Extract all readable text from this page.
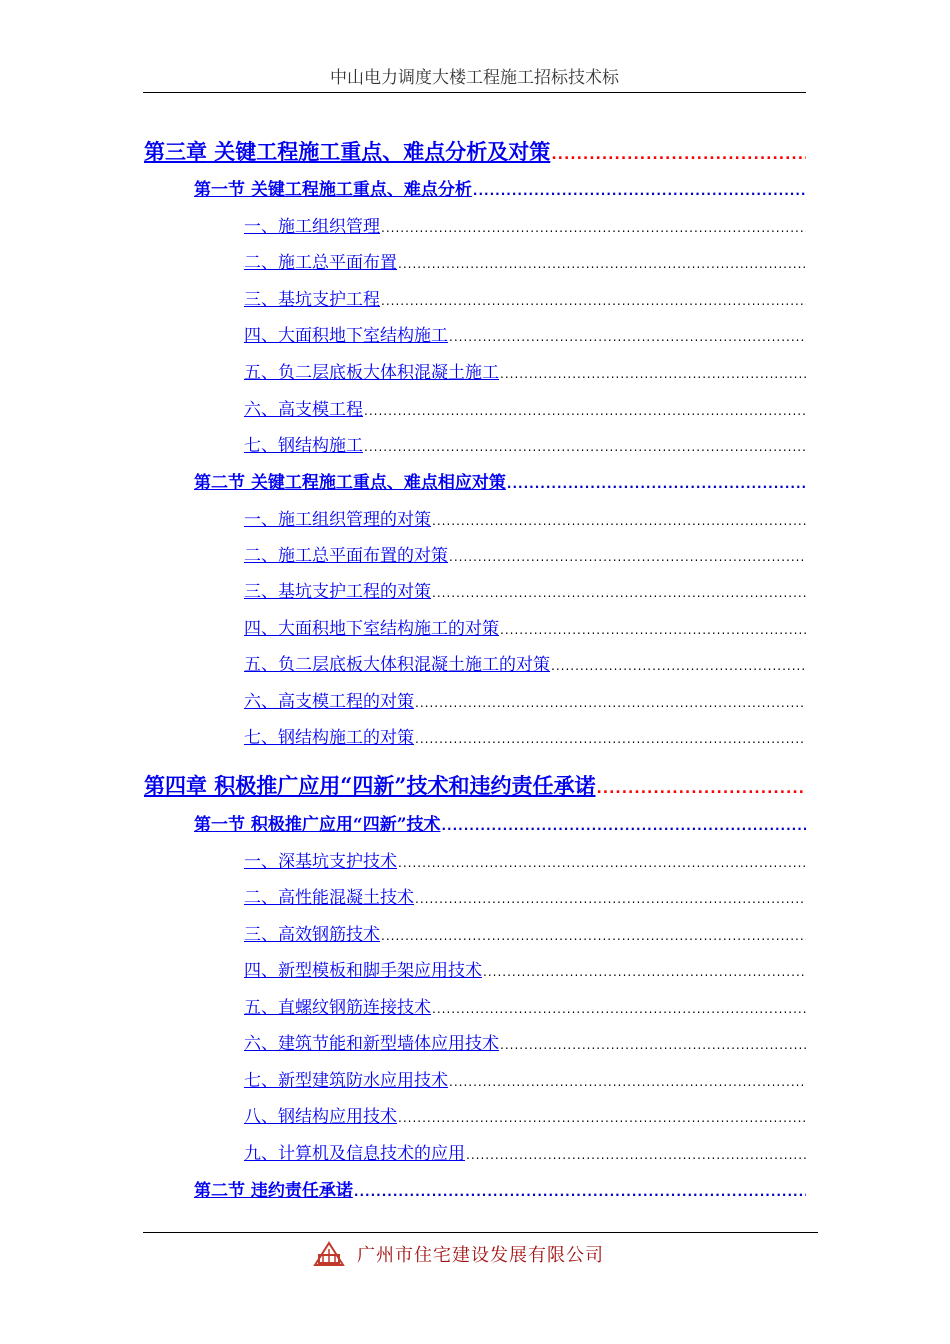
中山电力调度大楼工程施工招标技术标
第三章 关键工程施工重点、难点分析及对策
.....
第一节 关键工程施工重点、难点分析
.....
一、施工组织管理
.....
二、施工总平面布置
.....
三、基坑支护工程
.....
四、大面积地下室结构施工
.....
五、负二层底板大体积混凝土施工
.....
六、高支模工程
.....
七、钢结构施工
.....
第二节 关键工程施工重点、难点相应对策
.....
一、施工组织管理的对策
.....
二、施工总平面布置的对策
.....
三、基坑支护工程的对策
.....
四、大面积地下室结构施工的对策
.....
五、负二层底板大体积混凝土施工的对策
.....
六、高支模工程的对策
.....
七、钢结构施工的对策
.....
第四章 积极推广应用“四新”技术和违约责任承诺
.....
第一节 积极推广应用“四新”技术
.....
一、深基坑支护技术
.....
二、高性能混凝土技术
.....
三、高效钢筋技术
.....
四、新型模板和脚手架应用技术
.....
五、直螺纹钢筋连接技术
.....
六、建筑节能和新型墙体应用技术
.....
七、新型建筑防水应用技术
.....
八、钢结构应用技术
.....
九、计算机及信息技术的应用
.....
第二节 违约责任承诺
.....
广州市住宅建设发展有限公司
